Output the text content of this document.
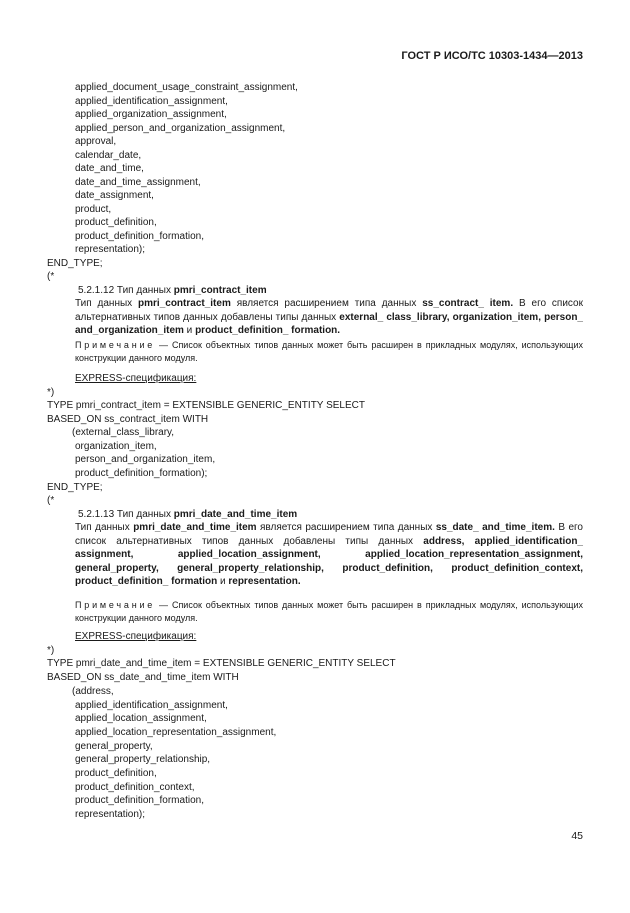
ГОСТ Р ИСО/ТС 10303-1434—2013
applied_document_usage_constraint_assignment,
applied_identification_assignment,
applied_organization_assignment,
applied_person_and_organization_assignment,
approval,
calendar_date,
date_and_time,
date_and_time_assignment,
date_assignment,
product,
product_definition,
product_definition_formation,
representation);
END_TYPE;
(*
5.2.1.12 Тип данных pmri_contract_item
Тип данных pmri_contract_item является расширением типа данных ss_contract_ item. В его список альтернативных типов данных добавлены типы данных external_ class_library, organization_item, person_ and_organization_item и product_definition_ formation.
Примечание — Список объектных типов данных может быть расширен в прикладных модулях, использующих конструкции данного модуля.
EXPRESS-спецификация:
*)
TYPE pmri_contract_item = EXTENSIBLE GENERIC_ENTITY SELECT
BASED_ON ss_contract_item WITH
(external_class_library,
organization_item,
person_and_organization_item,
product_definition_formation);
END_TYPE;
(*
5.2.1.13 Тип данных pmri_date_and_time_item
Тип данных pmri_date_and_time_item является расширением типа данных ss_date_ and_time_item. В его список альтернативных типов данных добавлены типы данных address, applied_identification_ assignment, applied_location_assignment, applied_location_representation_assignment, general_property, general_property_relationship, product_definition, product_definition_context, product_definition_ formation и representation.
Примечание — Список объектных типов данных может быть расширен в прикладных модулях, использующих конструкции данного модуля.
EXPRESS-спецификация:
*)
TYPE pmri_date_and_time_item = EXTENSIBLE GENERIC_ENTITY SELECT
BASED_ON ss_date_and_time_item WITH
(address,
applied_identification_assignment,
applied_location_assignment,
applied_location_representation_assignment,
general_property,
general_property_relationship,
product_definition,
product_definition_context,
product_definition_formation,
representation);
45
